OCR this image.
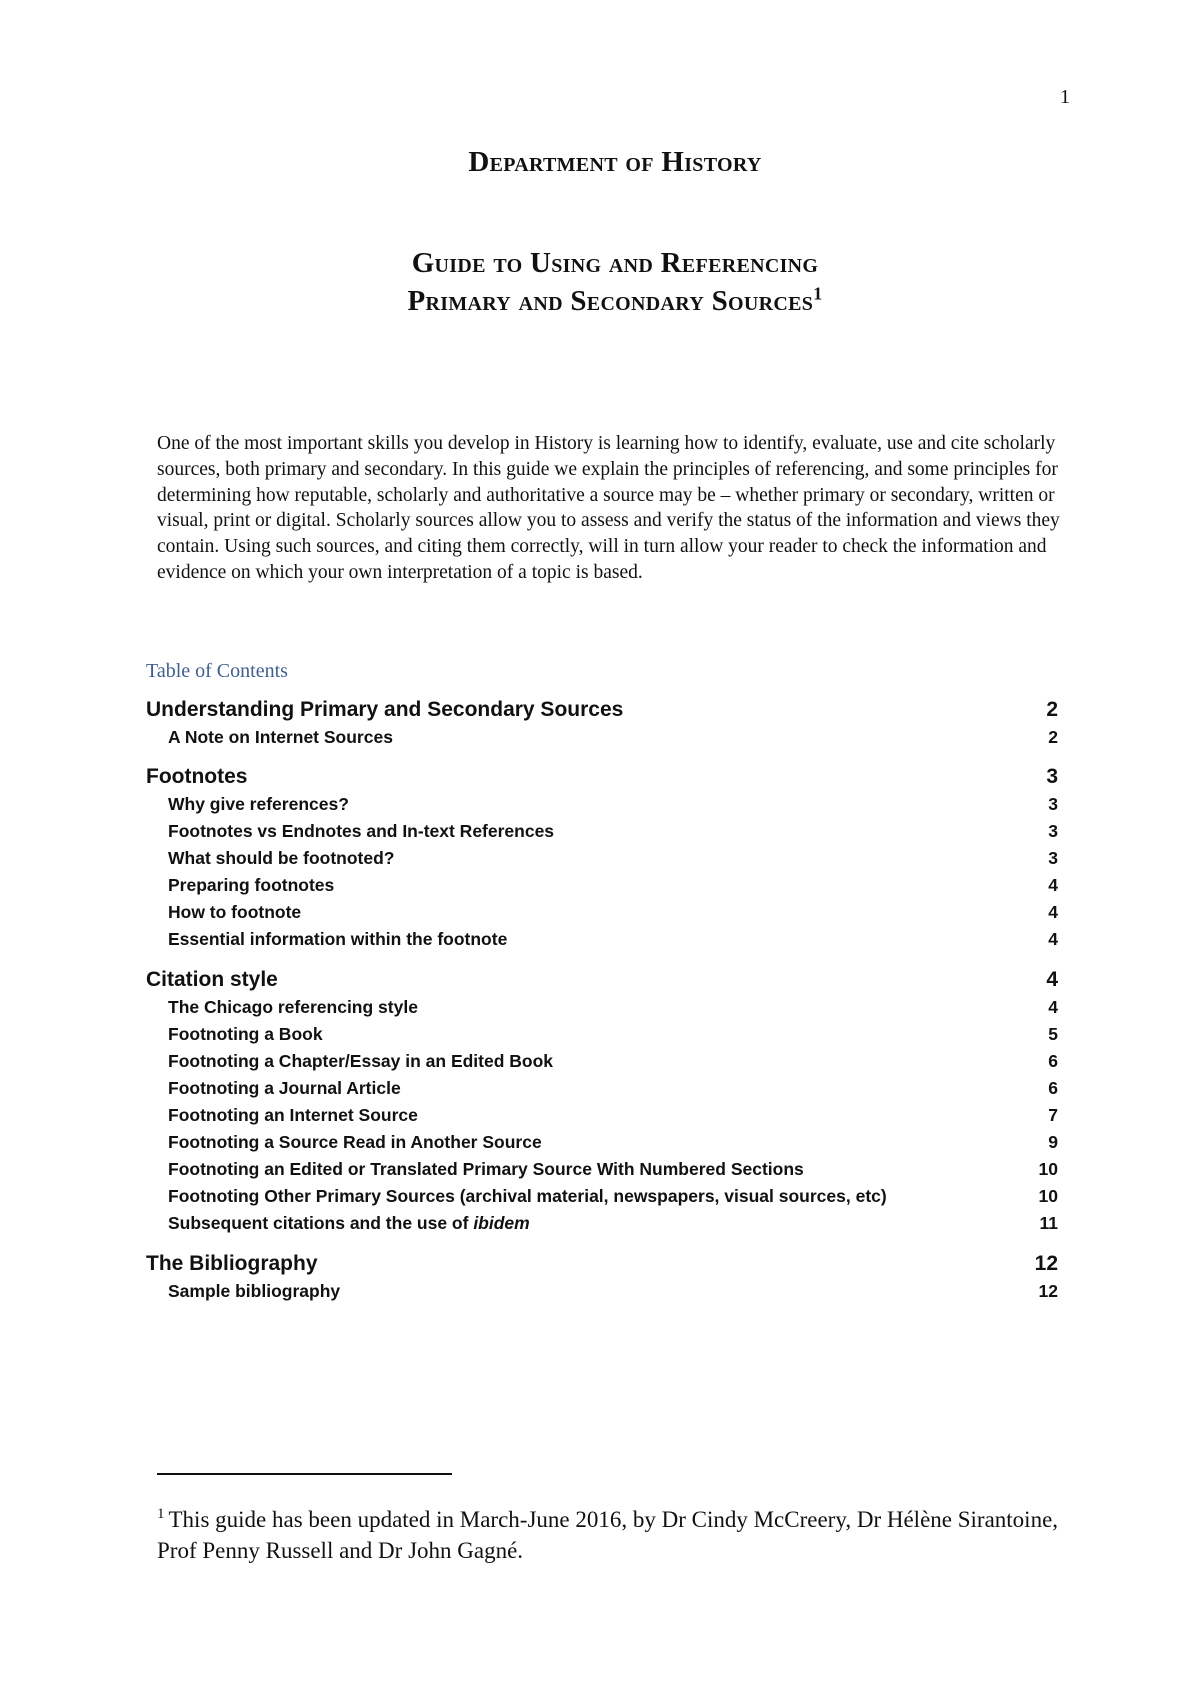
1
Department of History
Guide to Using and Referencing
Primary and Secondary Sources$^1$

One of the most important skills you develop in History is learning how to identify, evaluate, use and cite scholarly sources, both primary and secondary. In this guide we explain the principles of referencing, and some principles for determining how reputable, scholarly and authoritative a source may be – whether primary or secondary, written or visual, print or digital. Scholarly sources allow you to assess and verify the status of the information and views they contain. Using such sources, and citing them correctly, will in turn allow your reader to check the information and evidence on which your own interpretation of a topic is based.

Table of Contents
Understanding Primary and Secondary Sources	2
A Note on Internet Sources	2
Footnotes	3
Why give references?	3
Footnotes vs Endnotes and In-text References	3
What should be footnoted?	3
Preparing footnotes	4
How to footnote	4
Essential information within the footnote	4
Citation style	4
The Chicago referencing style	4
Footnoting a Book	5
Footnoting a Chapter/Essay in an Edited Book	6
Footnoting a Journal Article	6
Footnoting an Internet Source	7
Footnoting a Source Read in Another Source	9
Footnoting an Edited or Translated Primary Source With Numbered Sections	10
Footnoting Other Primary Sources (archival material, newspapers, visual sources, etc)	10
Subsequent citations and the use of ibidem	11
The Bibliography	12
Sample bibliography	12
$^1$ This guide has been updated in March-June 2016, by Dr Cindy McCreery, Dr Hélène Sirantoine, Prof Penny Russell and Dr John Gagné.
